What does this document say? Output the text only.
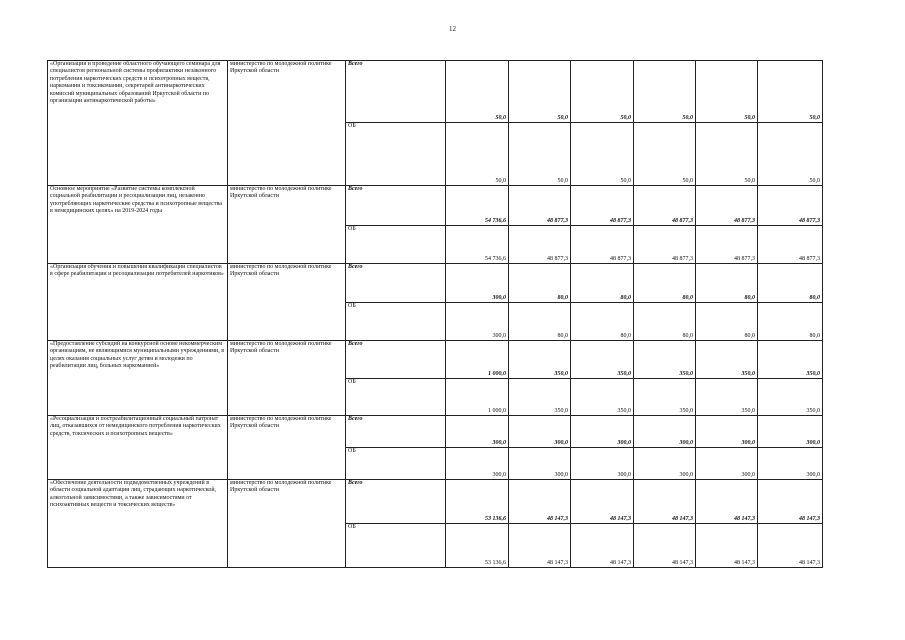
12
«Организация и проведение областного обучающего семинара для специалистов региональной системы профилактики незаконного потребления наркотических средств и психотропных веществ, наркомании и токсикомании, секретарей антинаркотических комиссий муниципальных образований Иркутской области по организации антинаркотической работы»	министерство по молодежной политике Иркутской области	Всего	50,0	50,0	50,0	50,0	50,0	50,0
		ОБ	50,0	50,0	50,0	50,0	50,0	50,0
Основное мероприятие «Развитие системы комплексной социальной реабилитации и ресоциализации лиц, незаконно употребляющих наркотические средства и психотропные вещества в немедицинских целях» на 2019-2024 годы	министерство по молодежной политике Иркутской области	Всего	54 736,6	48 877,3	48 877,3	48 877,3	48 877,3	48 877,3
		ОБ	54 736,6	48 877,3	48 877,3	48 877,3	48 877,3	48 877,3
«Организация обучения и повышения квалификации специалистов в сфере реабилитации и ресоциализации потребителей наркотиков»	министерство по молодежной политике Иркутской области	Всего	300,0	80,0	80,0	80,0	80,0	80,0
		ОБ	300,0	80,0	80,0	80,0	80,0	80,0
«Предоставление субсидий на конкурсной основе некоммерческим организациям, не являющимися муниципальными учреждениями, в целях оказания социальных услуг детям и молодежи по реабилитации лиц, больных наркоманией»	министерство по молодежной политике Иркутской области	Всего	1 000,0	350,0	350,0	350,0	350,0	350,0
		ОБ	1 000,0	350,0	350,0	350,0	350,0	350,0
«Ресоциализация и постреабилитационный социальный патронат лиц, отказавшихся от немедицинского потребления наркотических средств, токсических и психотропных веществ»	министерство по молодежной политике Иркутской области	Всего	300,0	300,0	300,0	300,0	300,0	300,0
		ОБ	300,0	300,0	300,0	300,0	300,0	300,0
«Обеспечение деятельности подведомственных учреждений в области социальной адаптации лиц, страдающих наркотической, алкогольной зависимостями, а также зависимостями от психоактивных веществ и токсических веществ»	министерство по молодежной политике Иркутской области	Всего	53 136,6	48 147,3	48 147,3	48 147,3	48 147,3	48 147,3
		ОБ	53 136,6	48 147,3	48 147,3	48 147,3	48 147,3	48 147,3
